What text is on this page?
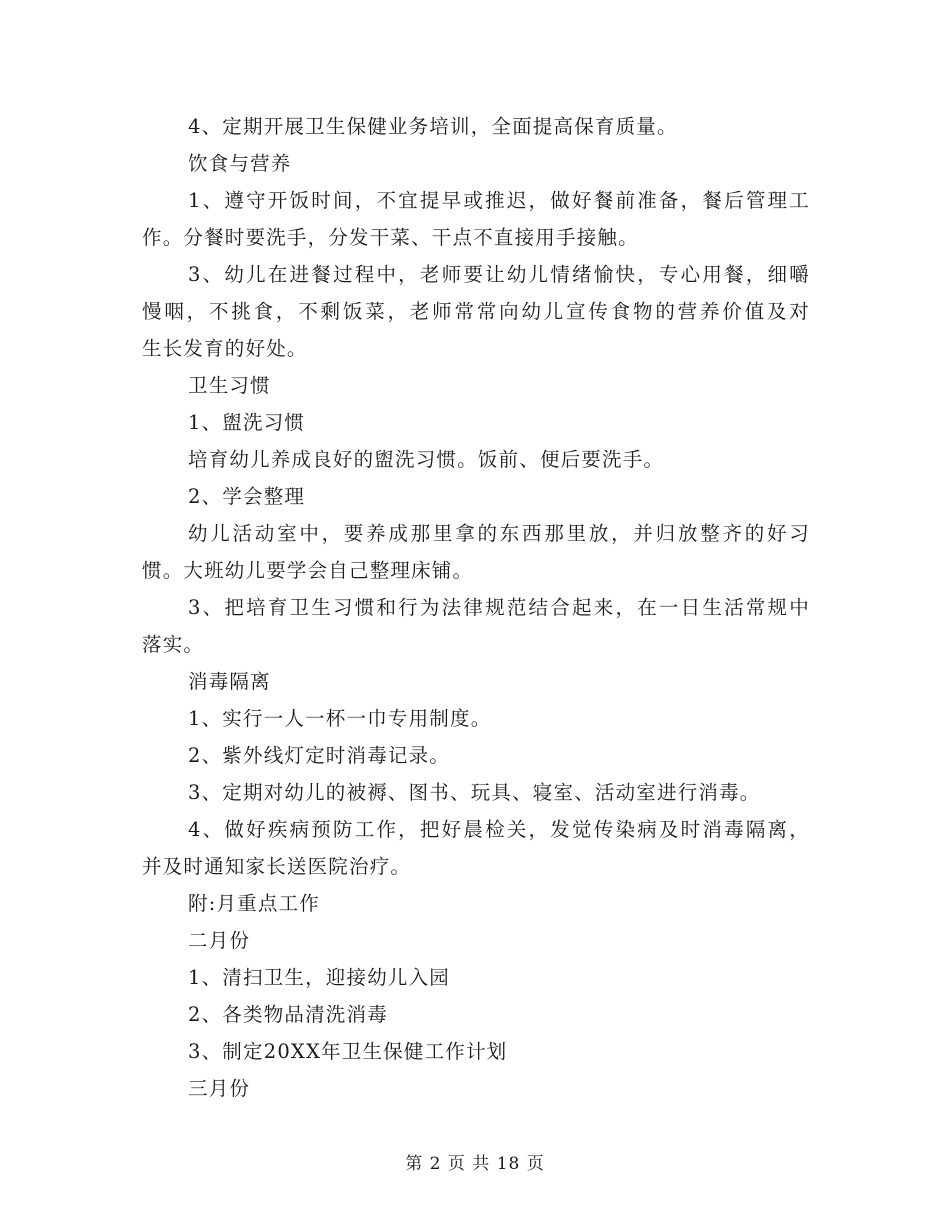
4、定期开展卫生保健业务培训，全面提高保育质量。
饮食与营养
1、遵守开饭时间，不宜提早或推迟，做好餐前准备，餐后管理工
作。分餐时要洗手，分发干菜、干点不直接用手接触。
3、幼儿在进餐过程中，老师要让幼儿情绪愉快，专心用餐，细嚼
慢咽，不挑食，不剩饭菜，老师常常向幼儿宣传食物的营养价值及对
生长发育的好处。
卫生习惯
1、盥洗习惯
培育幼儿养成良好的盥洗习惯。饭前、便后要洗手。
2、学会整理
幼儿活动室中，要养成那里拿的东西那里放，并归放整齐的好习
惯。大班幼儿要学会自己整理床铺。
3、把培育卫生习惯和行为法律规范结合起来，在一日生活常规中
落实。
消毒隔离
1、实行一人一杯一巾专用制度。
2、紫外线灯定时消毒记录。
3、定期对幼儿的被褥、图书、玩具、寝室、活动室进行消毒。
4、做好疾病预防工作，把好晨检关，发觉传染病及时消毒隔离，
并及时通知家长送医院治疗。
附:月重点工作
二月份
1、清扫卫生，迎接幼儿入园
2、各类物品清洗消毒
3、制定20XX年卫生保健工作计划
三月份
第 2 页 共 18 页
